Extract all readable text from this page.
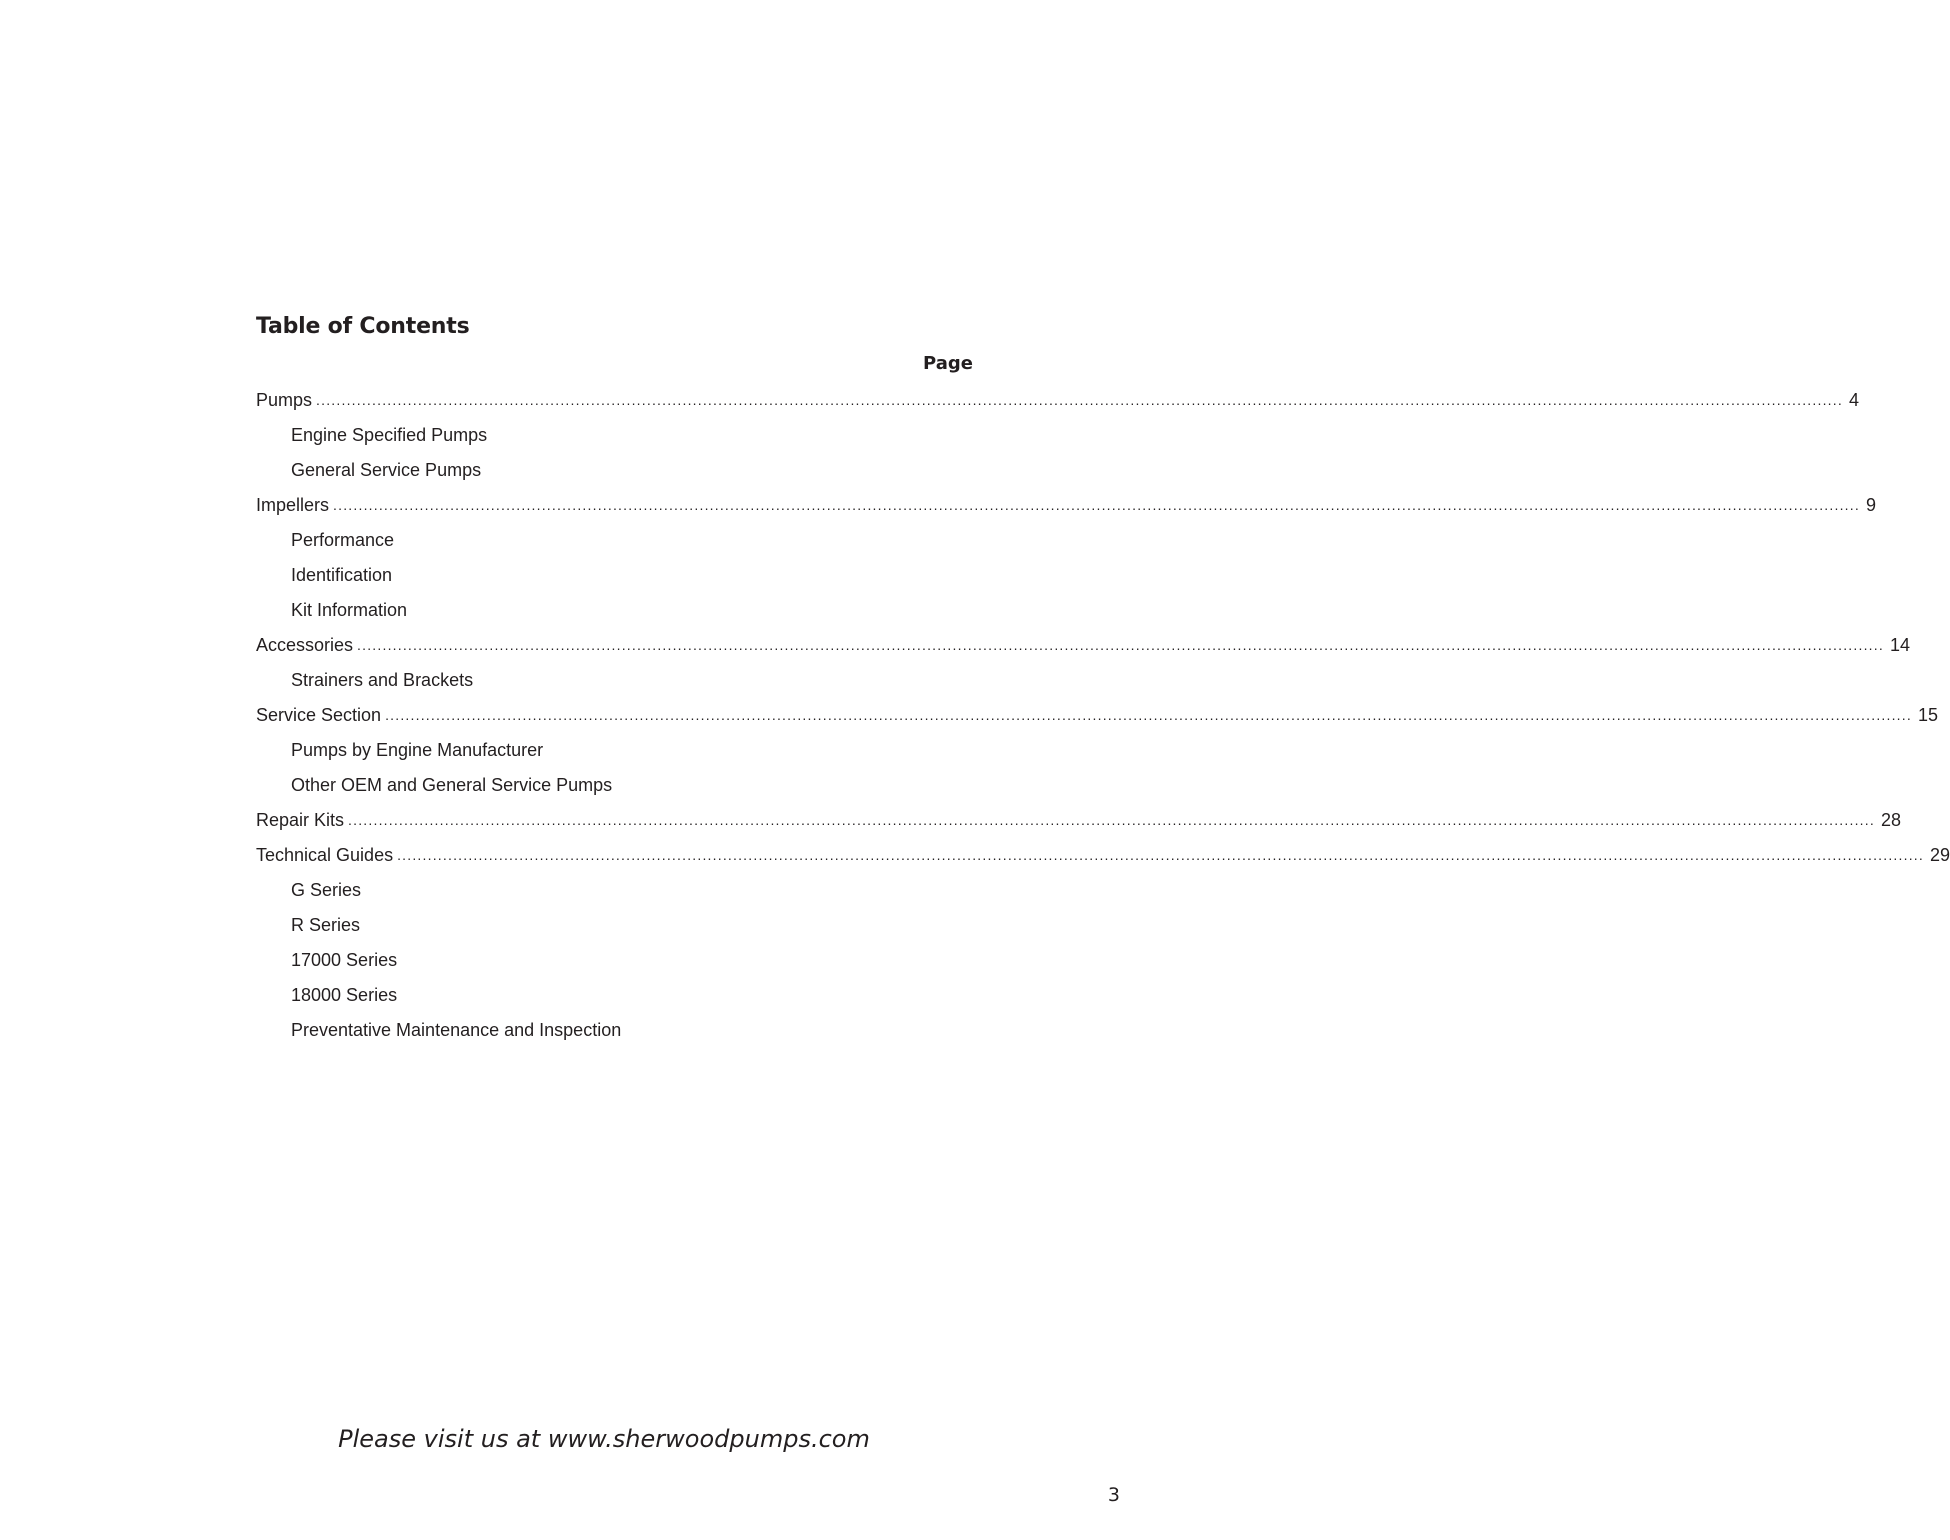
Table of Contents
Page
Pumps ............................................................................................................................................................................................................................................................................................................ 4
Engine Specified Pumps
General Service Pumps
Impellers ............................................................................................................................................................................................................................................................................................................ 9
Performance
Identification
Kit Information
Accessories ............................................................................................................................................................................................................................................................................................................ 14
Strainers and Brackets
Service Section ............................................................................................................................................................................................................................................................................................................ 15
Pumps by Engine Manufacturer
Other OEM and General Service Pumps
Repair Kits ............................................................................................................................................................................................................................................................................................................ 28
Technical Guides ............................................................................................................................................................................................................................................................................................................ 29
G Series
R Series
17000 Series
18000 Series
Preventative Maintenance and Inspection

Please visit us at www.sherwoodpumps.com

3
